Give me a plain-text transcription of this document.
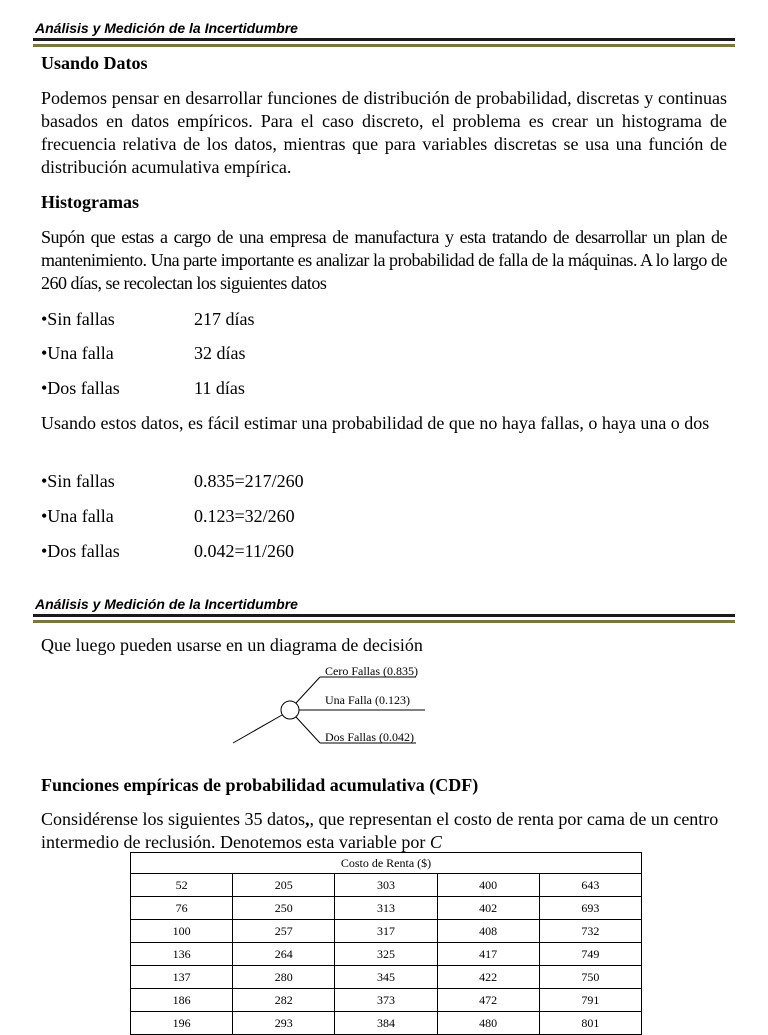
Análisis y Medición de la Incertidumbre
Usando Datos
Podemos pensar en desarrollar funciones de distribución de probabilidad, discretas y continuas basados en datos empíricos. Para el caso discreto, el problema es crear un histograma de frecuencia relativa de los datos, mientras que para variables discretas se usa una función de distribución acumulativa empírica.
Histogramas
Supón que estas a cargo de una empresa de manufactura y esta tratando de desarrollar un plan de mantenimiento. Una parte importante es analizar la probabilidad de falla de la máquinas. A lo largo de 260 días, se recolectan los siguientes datos
•Sin fallas	217 días
•Una falla	32 días
•Dos fallas	11 días
Usando estos datos, es fácil estimar una probabilidad de que no haya fallas, o haya una o dos
•Sin fallas	0.835=217/260
•Una falla	0.123=32/260
•Dos fallas	0.042=11/260
Análisis y Medición de la Incertidumbre
Que luego pueden usarse en un diagrama de decisión
Cero Fallas (0.835)
Una Falla (0.123)
Dos Fallas (0.042)
Funciones empíricas de probabilidad acumulativa (CDF)
Considérense los siguientes 35 datos,, que representan el costo de renta por cama de un centro intermedio de reclusión. Denotemos esta variable por C
Costo de Renta ($)				
52	205	303	400	643
76	250	313	402	693
100	257	317	408	732
136	264	325	417	749
137	280	345	422	750
186	282	373	472	791
196	293	384	480	801
